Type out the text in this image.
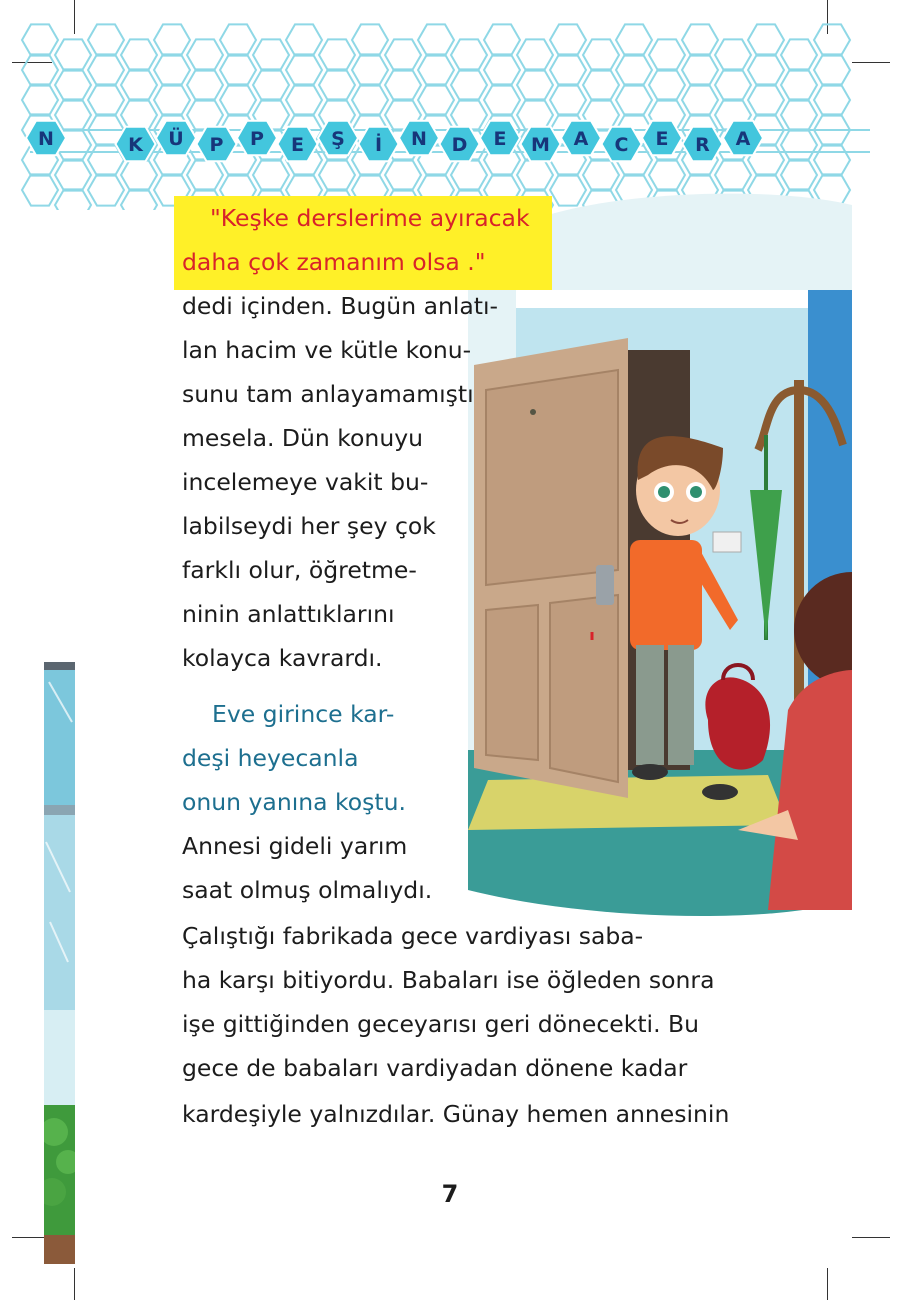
N	K Ü P P E Ş İ N D E M A C E R A
"Keşke derslerime ayıracak
daha çok zamanım olsa ."
dedi içinden. Bugün anlatı-
lan hacim ve kütle konu-
sunu tam anlayamamıştı
mesela. Dün konuyu
incelemeye vakit bu-
labilseydi her şey çok
farklı olur, öğretme-
ninin anlattıklarını
kolayca kavrardı.
Eve girince kar-
deşi heyecanla
onun yanına koştu.
Annesi gideli yarım
saat olmuş olmalıydı.
Çalıştığı fabrikada gece vardiyası saba-
ha karşı bitiyordu. Babaları ise öğleden sonra
işe gittiğinden geceyarısı geri dönecekti. Bu
gece de babaları vardiyadan dönene kadar
kardeşiyle yalnızdılar. Günay hemen annesinin
7
